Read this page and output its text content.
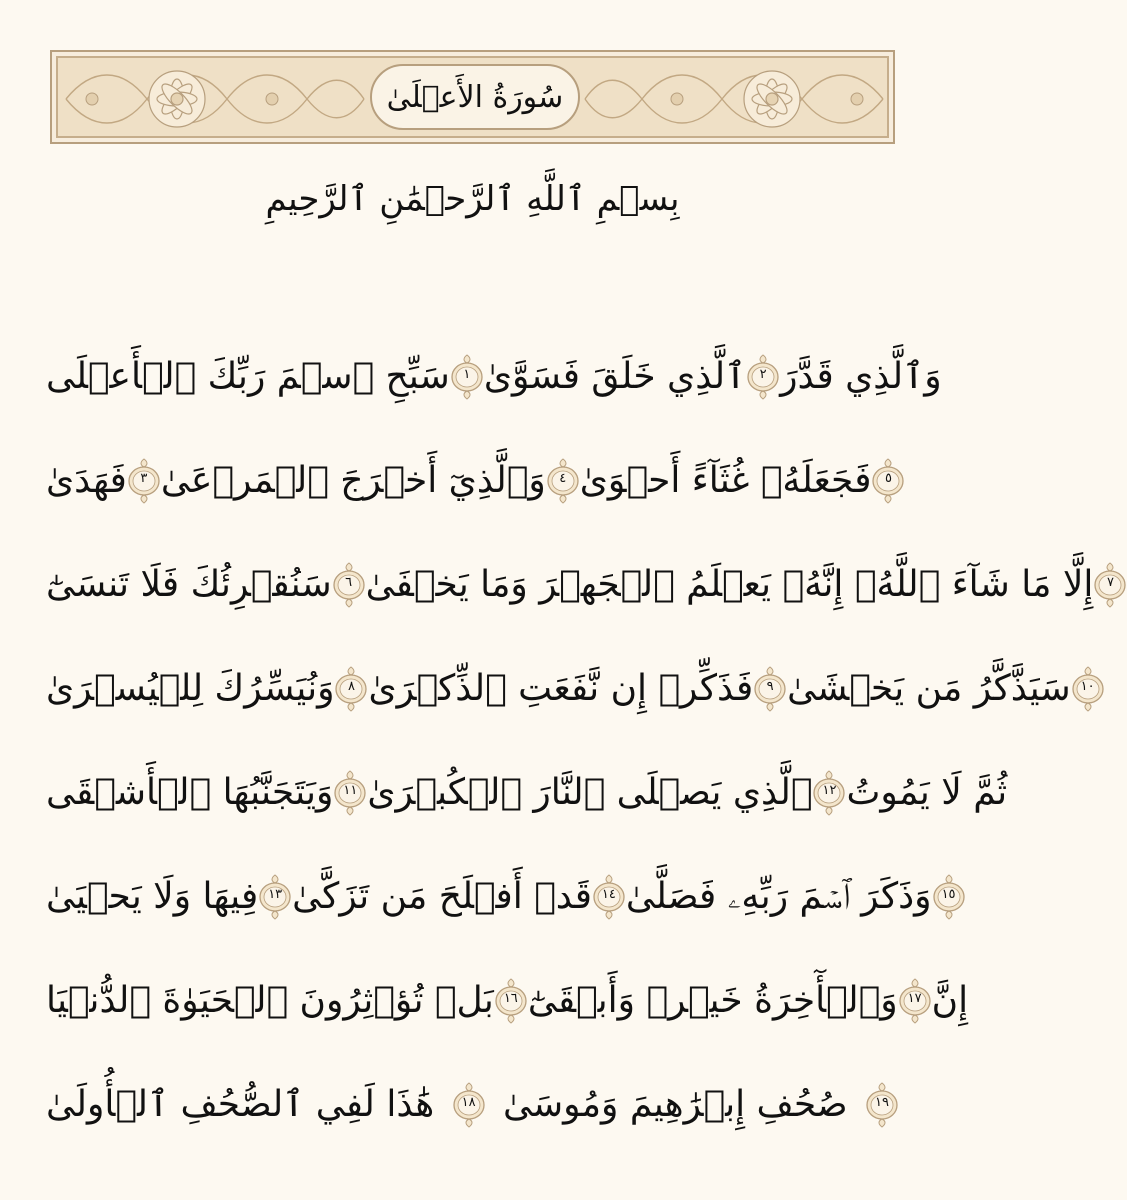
سُورَةُ الأَعۡلَىٰ
بِسۡمِ ٱللَّهِ ٱلرَّحۡمَٰنِ ٱلرَّحِيمِ
سَبِّحِ ٱسۡمَ رَبِّكَ ٱلۡأَعۡلَى	١ ٱلَّذِي خَلَقَ فَسَوَّىٰ	٢ وَٱلَّذِي قَدَّرَ
فَهَدَىٰ	٣ وَٱلَّذِيٓ أَخۡرَجَ ٱلۡمَرۡعَىٰ	٤ فَجَعَلَهُۥ غُثَآءً أَحۡوَىٰ	٥
سَنُقۡرِئُكَ فَلَا تَنسَىٰٓ	٦ إِلَّا مَا شَآءَ ٱللَّهُۚ إِنَّهُۥ يَعۡلَمُ ٱلۡجَهۡرَ وَمَا يَخۡفَىٰ	٧
وَنُيَسِّرُكَ لِلۡيُسۡرَىٰ	٨ فَذَكِّرۡ إِن نَّفَعَتِ ٱلذِّكۡرَىٰ	٩ سَيَذَّكَّرُ مَن يَخۡشَىٰ ١٠
وَيَتَجَنَّبُهَا ٱلۡأَشۡقَى ١١ ٱلَّذِي يَصۡلَى ٱلنَّارَ ٱلۡكُبۡرَىٰ ١٢ ثُمَّ لَا يَمُوتُ
فِيهَا وَلَا يَحۡيَىٰ ١٣ قَدۡ أَفۡلَحَ مَن تَزَكَّىٰ ١٤ وَذَكَرَ ٱسۡمَ رَبِّهِۦ فَصَلَّىٰ ١٥
بَلۡ تُؤۡثِرُونَ ٱلۡحَيَوٰةَ ٱلدُّنۡيَا ١٦ وَٱلۡأٓخِرَةُ خَيۡرٞ وَأَبۡقَىٰٓ ١٧ إِنَّ
هَٰذَا لَفِي ٱلصُّحُفِ ٱلۡأُولَىٰ	١٨ صُحُفِ إِبۡرَٰهِيمَ وَمُوسَىٰ	١٩
